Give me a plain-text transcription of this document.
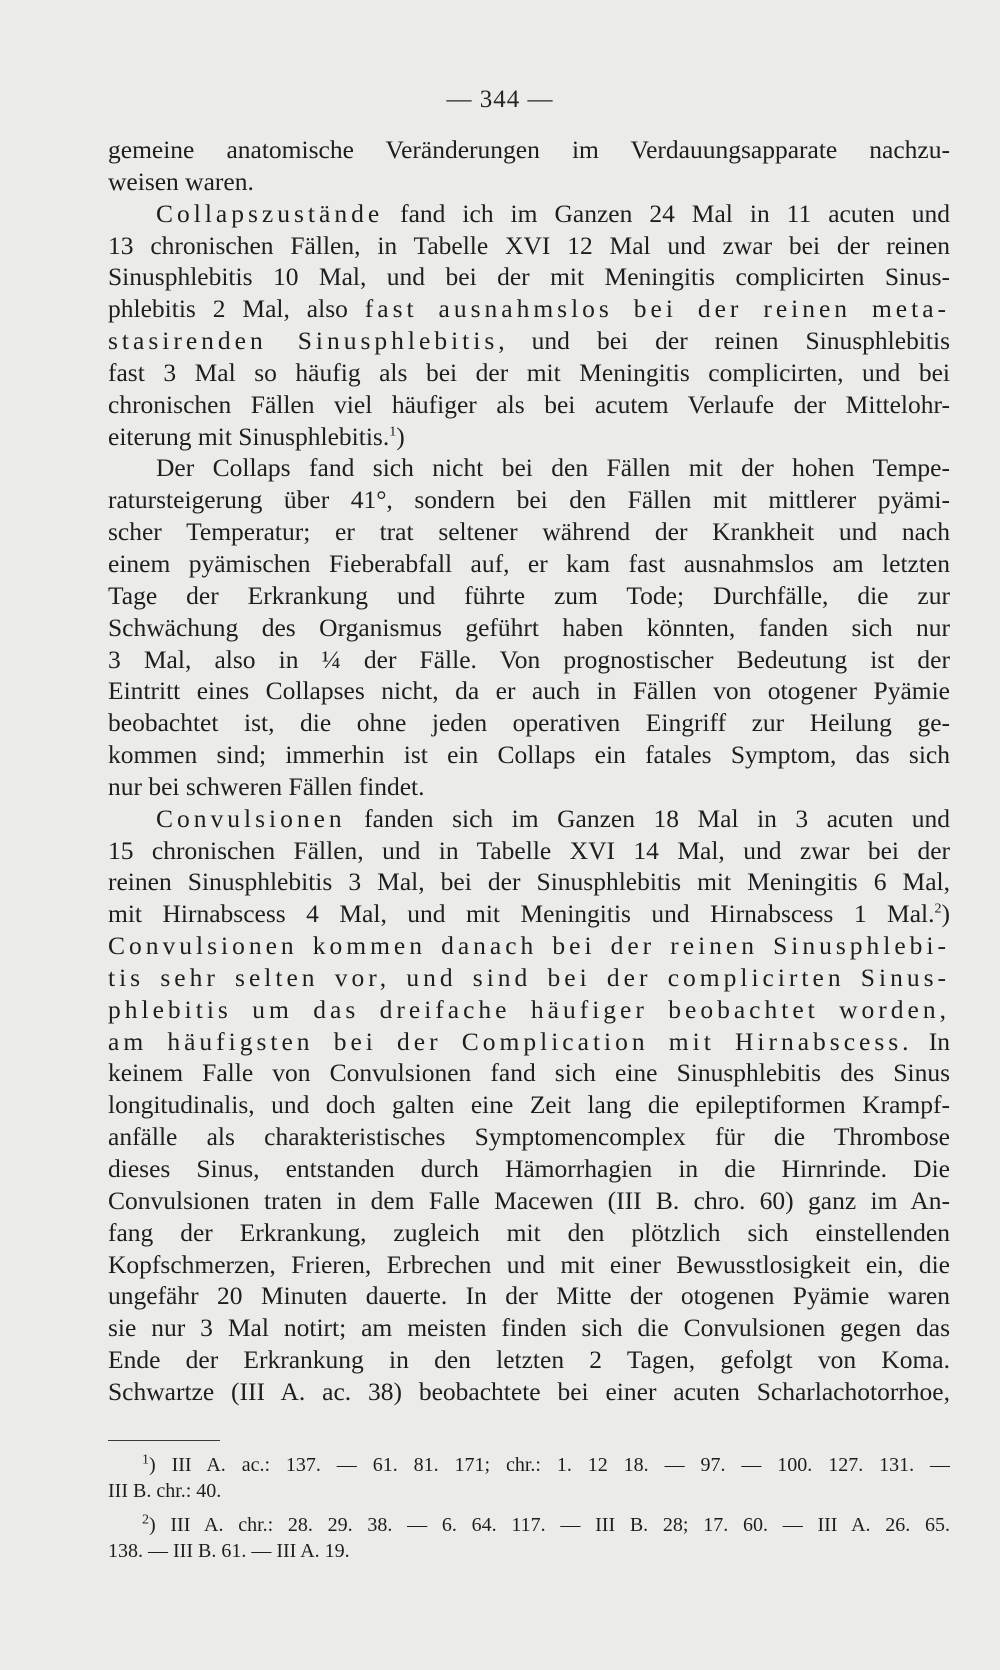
— 344 —
gemeine anatomische Veränderungen im Verdauungsapparate nachzu-
weisen waren.
Collapszustände fand ich im Ganzen 24 Mal in 11 acuten und
13 chronischen Fällen, in Tabelle XVI 12 Mal und zwar bei der reinen
Sinusphlebitis 10 Mal, und bei der mit Meningitis complicirten Sinus-
phlebitis 2 Mal, also fast ausnahmslos bei der reinen meta-
stasirenden Sinusphlebitis, und bei der reinen Sinusphlebitis
fast 3 Mal so häufig als bei der mit Meningitis complicirten, und bei
chronischen Fällen viel häufiger als bei acutem Verlaufe der Mittelohr-
eiterung mit Sinusphlebitis.$^1$)
Der Collaps fand sich nicht bei den Fällen mit der hohen Tempe-
ratursteigerung über 41°, sondern bei den Fällen mit mittlerer pyämi-
scher Temperatur; er trat seltener während der Krankheit und nach
einem pyämischen Fieberabfall auf, er kam fast ausnahmslos am letzten
Tage der Erkrankung und führte zum Tode; Durchfälle, die zur
Schwächung des Organismus geführt haben könnten, fanden sich nur
3 Mal, also in ¼ der Fälle. Von prognostischer Bedeutung ist der
Eintritt eines Collapses nicht, da er auch in Fällen von otogener Pyämie
beobachtet ist, die ohne jeden operativen Eingriff zur Heilung ge-
kommen sind; immerhin ist ein Collaps ein fatales Symptom, das sich
nur bei schweren Fällen findet.
Convulsionen fanden sich im Ganzen 18 Mal in 3 acuten und
15 chronischen Fällen, und in Tabelle XVI 14 Mal, und zwar bei der
reinen Sinusphlebitis 3 Mal, bei der Sinusphlebitis mit Meningitis 6 Mal,
mit Hirnabscess 4 Mal, und mit Meningitis und Hirnabscess 1 Mal.$^2$)
Convulsionen kommen danach bei der reinen Sinusphlebi-
tis sehr selten vor, und sind bei der complicirten Sinus-
phlebitis um das dreifache häufiger beobachtet worden,
am häufigsten bei der Complication mit Hirnabscess. In
keinem Falle von Convulsionen fand sich eine Sinusphlebitis des Sinus
longitudinalis, und doch galten eine Zeit lang die epileptiformen Krampf-
anfälle als charakteristisches Symptomencomplex für die Thrombose
dieses Sinus, entstanden durch Hämorrhagien in die Hirnrinde. Die
Convulsionen traten in dem Falle Macewen (III B. chro. 60) ganz im An-
fang der Erkrankung, zugleich mit den plötzlich sich einstellenden
Kopfschmerzen, Frieren, Erbrechen und mit einer Bewusstlosigkeit ein, die
ungefähr 20 Minuten dauerte. In der Mitte der otogenen Pyämie waren
sie nur 3 Mal notirt; am meisten finden sich die Convulsionen gegen das
Ende der Erkrankung in den letzten 2 Tagen, gefolgt von Koma.
Schwartze (III A. ac. 38) beobachtete bei einer acuten Scharlachotorrhoe,
$^1$) III A. ac.: 137. — 61. 81. 171; chr.: 1. 12 18. — 97. — 100. 127. 131. —
III B. chr.: 40.
$^2$) III A. chr.: 28. 29. 38. — 6. 64. 117. — III B. 28; 17. 60. — III A. 26. 65.
138. — III B. 61. — III A. 19.
